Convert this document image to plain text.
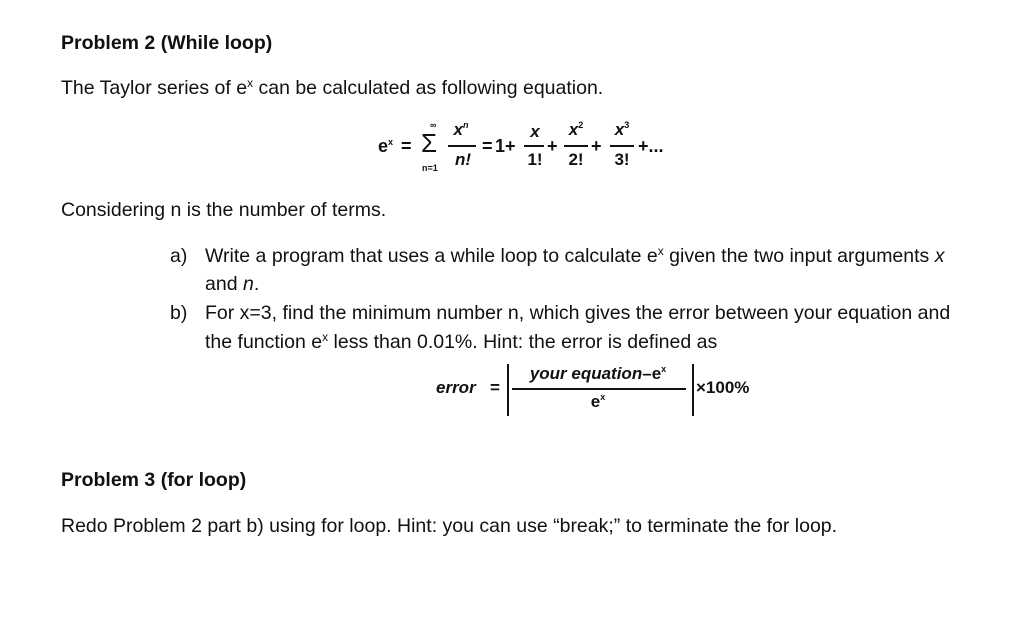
Problem 2 (While loop)
The Taylor series of $e^x$ can be calculated as following equation.
$e^x$ =
∞
Σ
n=1
$x^n$
n!
= 1+
x
1!
+
$x^2$
2!
+
$x^3$
3!
+...
Considering n is the number of terms.
a) Write a program that uses a while loop to calculate $e^x$ given the two input arguments x
and n.
b) For x=3, find the minimum number n, which gives the error between your equation and
the function $e^x$ less than 0.01%. Hint: the error is defined as
error =
your equation–$e^x$
$e^x$	×100%
Problem 3 (for loop)
Redo Problem 2 part b) using for loop. Hint: you can use “break;” to terminate the for loop.
